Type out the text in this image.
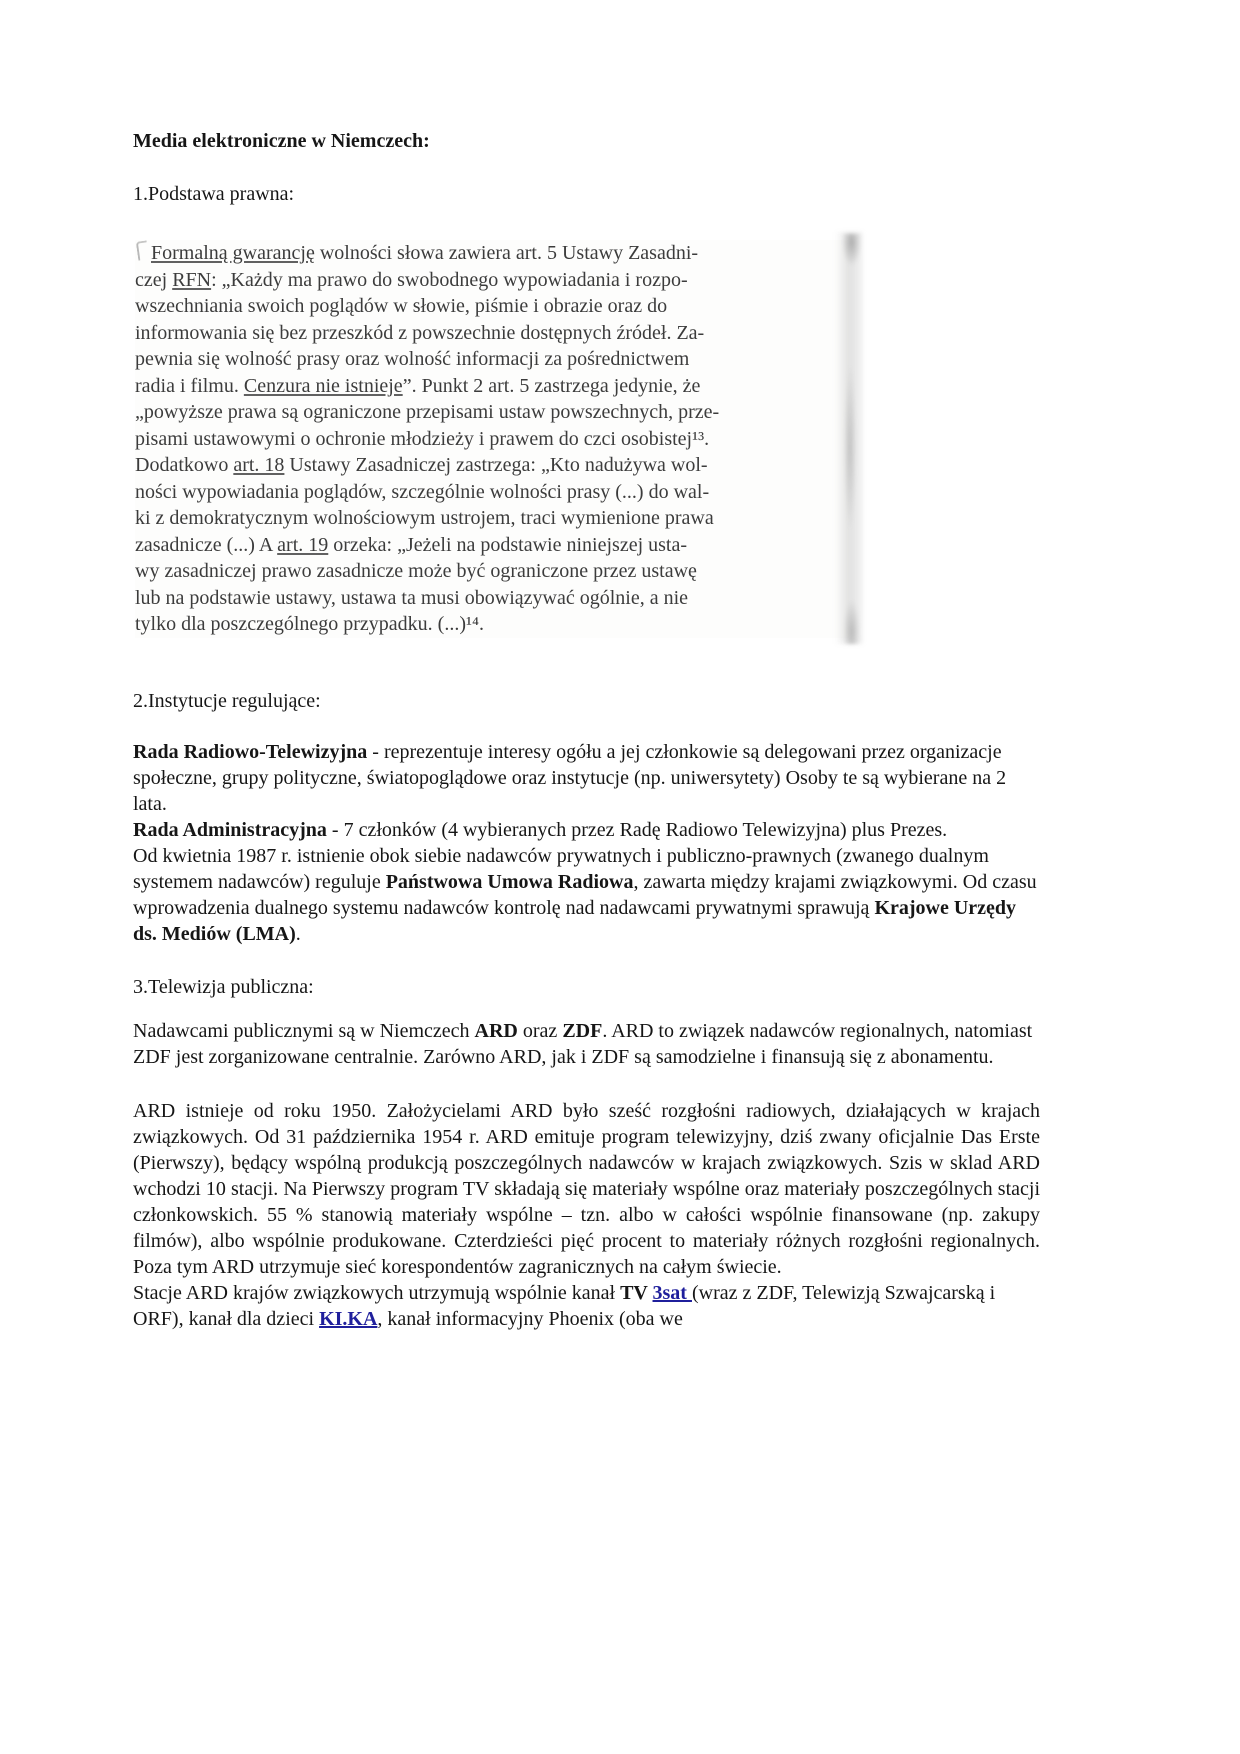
Media elektroniczne w Niemczech:
1.Podstawa prawna:
Formalną gwarancję wolności słowa zawiera art. 5 Ustawy Zasadni-
czej RFN: „Każdy ma prawo do swobodnego wypowiadania i rozpo-
wszechniania swoich poglądów w słowie, piśmie i obrazie oraz do
informowania się bez przeszkód z powszechnie dostępnych źródeł. Za-
pewnia się wolność prasy oraz wolność informacji za pośrednictwem
radia i filmu. Cenzura nie istnieje”. Punkt 2 art. 5 zastrzega jedynie, że
„powyższe prawa są ograniczone przepisami ustaw powszechnych, prze-
pisami ustawowymi o ochronie młodzieży i prawem do czci osobistej¹³.
Dodatkowo art. 18 Ustawy Zasadniczej zastrzega: „Kto nadużywa wol-
ności wypowiadania poglądów, szczególnie wolności prasy (...) do wal-
ki z demokratycznym wolnościowym ustrojem, traci wymienione prawa
zasadnicze (...) A art. 19 orzeka: „Jeżeli na podstawie niniejszej usta-
wy zasadniczej prawo zasadnicze może być ograniczone przez ustawę
lub na podstawie ustawy, ustawa ta musi obowiązywać ogólnie, a nie
tylko dla poszczególnego przypadku. (...)¹⁴.
2.Instytucje regulujące:
Rada Radiowo-Telewizyjna - reprezentuje interesy ogółu a jej członkowie są delegowani przez organizacje społeczne, grupy polityczne, światopoglądowe oraz instytucje (np. uniwersytety) Osoby te są wybierane na 2 lata.
Rada Administracyjna - 7 członków (4 wybieranych przez Radę Radiowo Telewizyjna) plus Prezes.
Od kwietnia 1987 r. istnienie obok siebie nadawców prywatnych i publiczno-prawnych (zwanego dualnym systemem nadawców) reguluje Państwowa Umowa Radiowa, zawarta między krajami związkowymi. Od czasu wprowadzenia dualnego systemu nadawców kontrolę nad nadawcami prywatnymi sprawują Krajowe Urzędy ds. Mediów (LMA).
3.Telewizja publiczna:

Nadawcami publicznymi są w Niemczech ARD oraz ZDF. ARD to związek nadawców regionalnych, natomiast ZDF jest zorganizowane centralnie. Zarówno ARD, jak i ZDF są samodzielne i finansują się z abonamentu.

ARD istnieje od roku 1950. Założycielami ARD było sześć rozgłośni radiowych, działających w krajach związkowych. Od 31 października 1954 r. ARD emituje program telewizyjny, dziś zwany oficjalnie Das Erste (Pierwszy), będący wspólną produkcją poszczególnych nadawców w krajach związkowych. Szis w sklad ARD wchodzi 10 stacji. Na Pierwszy program TV składają się materiały wspólne oraz materiały poszczególnych stacji członkowskich. 55 % stanowią materiały wspólne – tzn. albo w całości wspólnie finansowane (np. zakupy filmów), albo wspólnie produkowane. Czterdzieści pięć procent to materiały różnych rozgłośni regionalnych. Poza tym ARD utrzymuje sieć korespondentów zagranicznych na całym świecie.

Stacje ARD krajów związkowych utrzymują wspólnie kanał TV 3sat (wraz z ZDF, Telewizją Szwajcarską i ORF), kanał dla dzieci KI.KA, kanał informacyjny Phoenix (oba we
